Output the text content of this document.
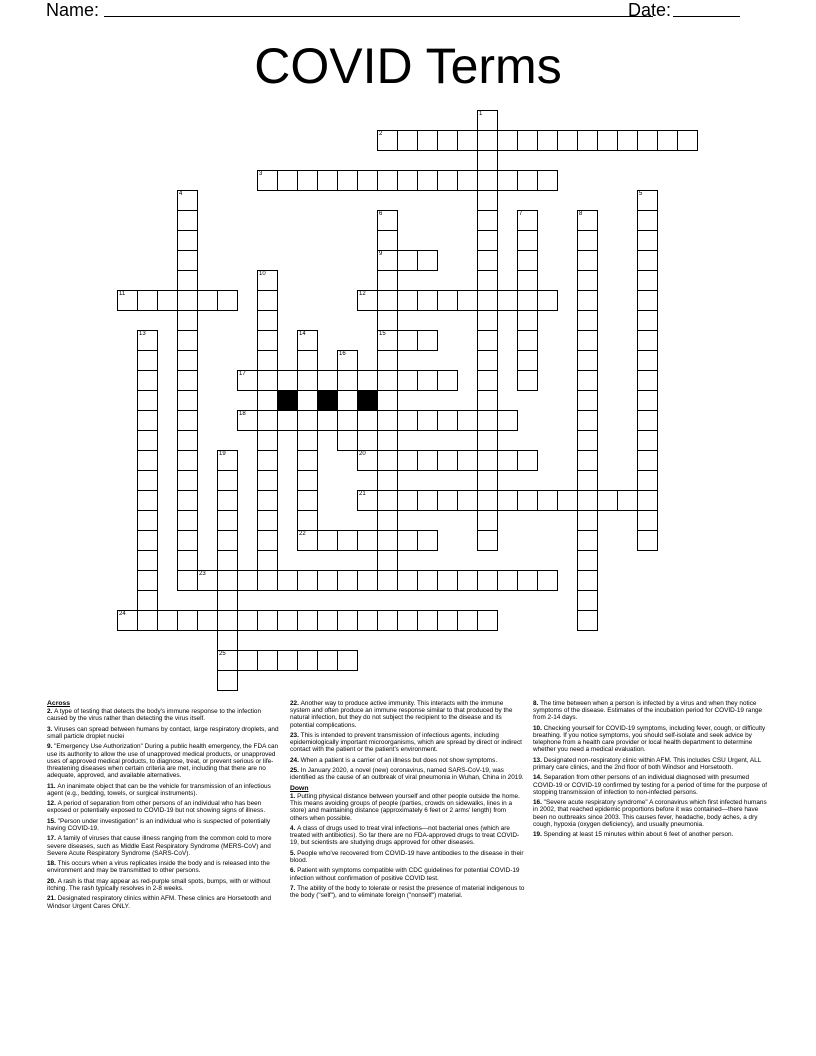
Name:	Date:
COVID Terms
1
2
3
4	5
6
9
15
7	8
10
11	12
13	14
16
17
18
19
25
20
21
22
23
24
Across
2. A type of testing that detects the body's immune response to the infection caused by the virus rather than detecting the virus itself.
3. Viruses can spread between humans by contact, large respiratory droplets, and small particle droplet nuclei
9. "Emergency Use Authorization" During a public health emergency, the FDA can use its authority to allow the use of unapproved medical products, or unapproved uses of approved medical products, to diagnose, treat, or prevent serious or life-threatening diseases when certain criteria are met, including that there are no adequate, approved, and available alternatives.
11. An inanimate object that can be the vehicle for transmission of an infectious agent (e.g., bedding, towels, or surgical instruments).
12. A period of separation from other persons of an individual who has been exposed or potentially exposed to COVID-19 but not showing signs of illness.
15. "Person under investigation" is an individual who is suspected of potentially having COVID-19.
17. A family of viruses that cause illness ranging from the common cold to more severe diseases, such as Middle East Respiratory Syndrome (MERS-CoV) and Severe Acute Respiratory Syndrome (SARS-CoV).
18. This occurs when a virus replicates inside the body and is released into the environment and may be transmitted to other persons.
20. A rash is that may appear as red-purple small spots, bumps, with or without itching. The rash typically resolves in 2-8 weeks.
21. Designated respiratory clinics within AFM. These clinics are Horsetooth and Windsor Urgent Cares ONLY.
22. Another way to produce active immunity. This interacts with the immune system and often produce an immune response similar to that produced by the natural infection, but they do not subject the recipient to the disease and its potential complications.
23. This is intended to prevent transmission of infectious agents, including epidemiologically important microorganisms, which are spread by direct or indirect contact with the patient or the patient's environment.
24. When a patient is a carrier of an illness but does not show symptoms.
25. In January 2020, a novel (new) coronavirus, named SARS-CoV-19, was identified as the cause of an outbreak of viral pneumonia in Wuhan, China in 2019.
Down
1. Putting physical distance between yourself and other people outside the home. This means avoiding groups of people (parties, crowds on sidewalks, lines in a store) and maintaining distance (approximately 6 feet or 2 arms' length) from others when possible.
4. A class of drugs used to treat viral infections—not bacterial ones (which are treated with antibiotics). So far there are no FDA-approved drugs to treat COVID-19, but scientists are studying drugs approved for other diseases.
5. People who've recovered from COVID-19 have antibodies to the disease in their blood.
6. Patient with symptoms compatible with CDC guidelines for potential COVID-19 infection without confirmation of positive COVID test.
7. The ability of the body to tolerate or resist the presence of material indigenous to the body ("self"), and to eliminate foreign ("nonself") material.
8. The time between when a person is infected by a virus and when they notice symptoms of the disease. Estimates of the incubation period for COVID-19 range from 2-14 days.
10. Checking yourself for COVID-19 symptoms, including fever, cough, or difficulty breathing. If you notice symptoms, you should self-isolate and seek advice by telephone from a health care provider or local health department to determine whether you need a medical evaluation.
13. Designated non-respiratory clinic within AFM. This includes CSU Urgent, ALL primary care clinics, and the 2nd floor of both Windsor and Horsetooth.
14. Separation from other persons of an individual diagnosed with presumed COVID-19 or COVID-19 confirmed by testing for a period of time for the purpose of stopping transmission of infection to non-infected persons.
16. "Severe acute respiratory syndrome" A coronavirus which first infected humans in 2002, that reached epidemic proportions before it was contained—there have been no outbreaks since 2003. This causes fever, headache, body aches, a dry cough, hypoxia (oxygen deficiency), and usually pneumonia.
19. Spending at least 15 minutes within about 6 feet of another person.
